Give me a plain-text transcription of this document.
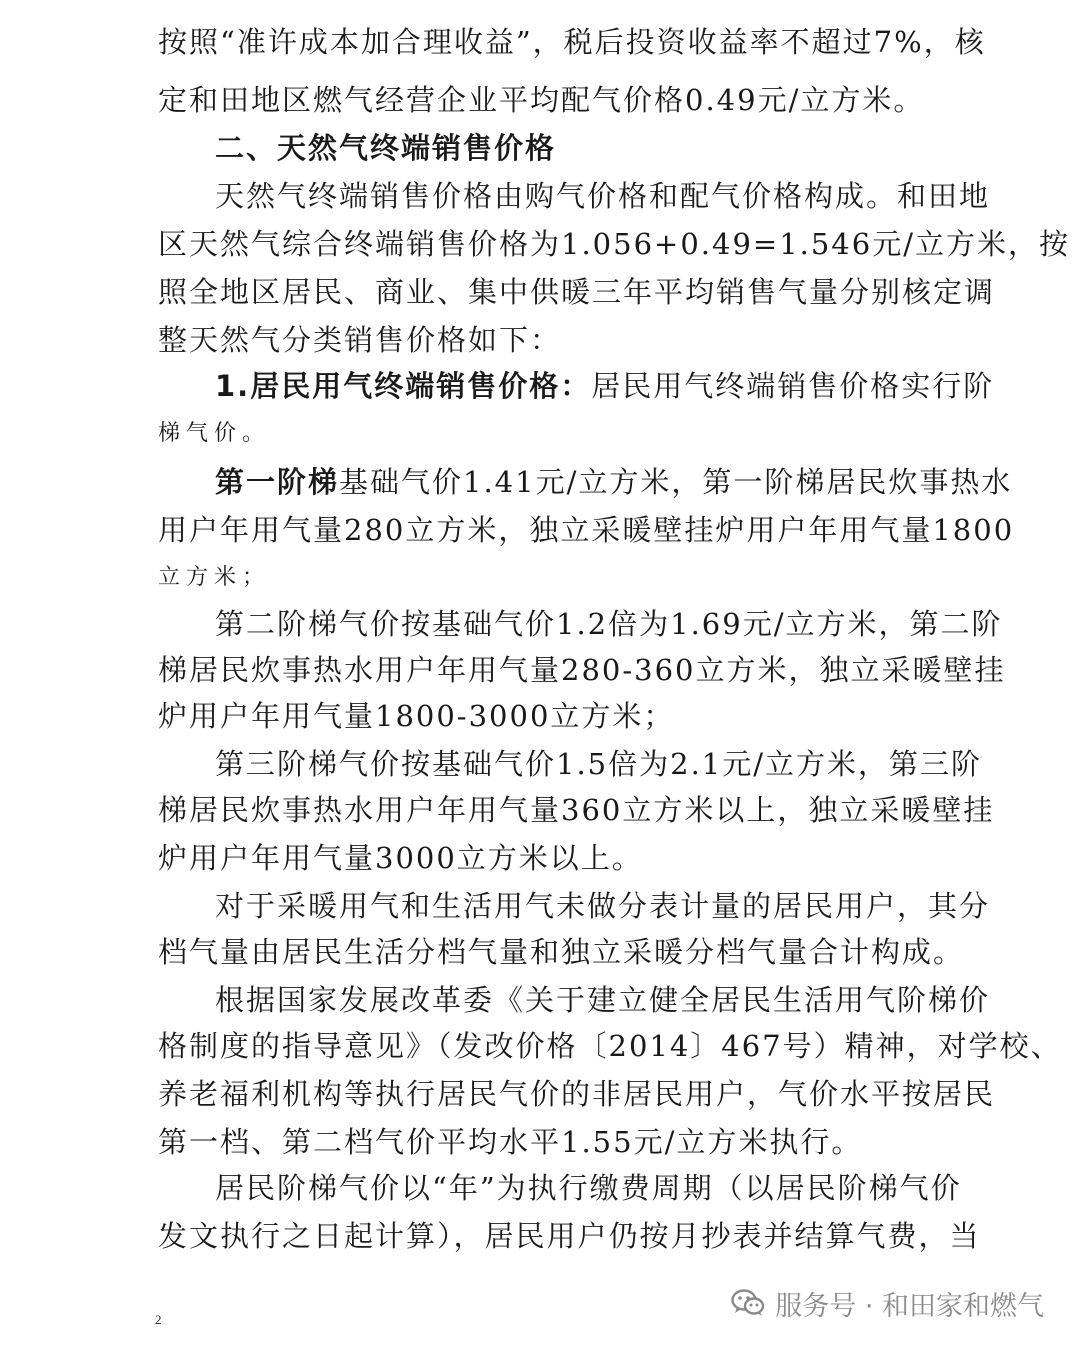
按照“准许成本加合理收益”，税后投资收益率不超过7%，核
定和田地区燃气经营企业平均配气价格0.49元/立方米。
二、天然气终端销售价格
天然气终端销售价格由购气价格和配气价格构成。和田地
区天然气综合终端销售价格为1.056+0.49=1.546元/立方米，按
照全地区居民、商业、集中供暖三年平均销售气量分别核定调
整天然气分类销售价格如下：
1.居民用气终端销售价格：居民用气终端销售价格实行阶
梯气价。
第一阶梯基础气价1.41元/立方米，第一阶梯居民炊事热水
用户年用气量280立方米，独立采暖壁挂炉用户年用气量1800
立方米；
第二阶梯气价按基础气价1.2倍为1.69元/立方米，第二阶
梯居民炊事热水用户年用气量280-360立方米，独立采暖壁挂
炉用户年用气量1800-3000立方米；
第三阶梯气价按基础气价1.5倍为2.1元/立方米，第三阶
梯居民炊事热水用户年用气量360立方米以上，独立采暖壁挂
炉用户年用气量3000立方米以上。
对于采暖用气和生活用气未做分表计量的居民用户，其分
档气量由居民生活分档气量和独立采暖分档气量合计构成。
根据国家发展改革委《关于建立健全居民生活用气阶梯价
格制度的指导意见》（发改价格〔2014〕467号）精神，对学校、
养老福利机构等执行居民气价的非居民用户，气价水平按居民
第一档、第二档气价平均水平1.55元/立方米执行。
居民阶梯气价以“年”为执行缴费周期（以居民阶梯气价
发文执行之日起计算），居民用户仍按月抄表并结算气费，当
2	服务号 · 和田家和燃气
